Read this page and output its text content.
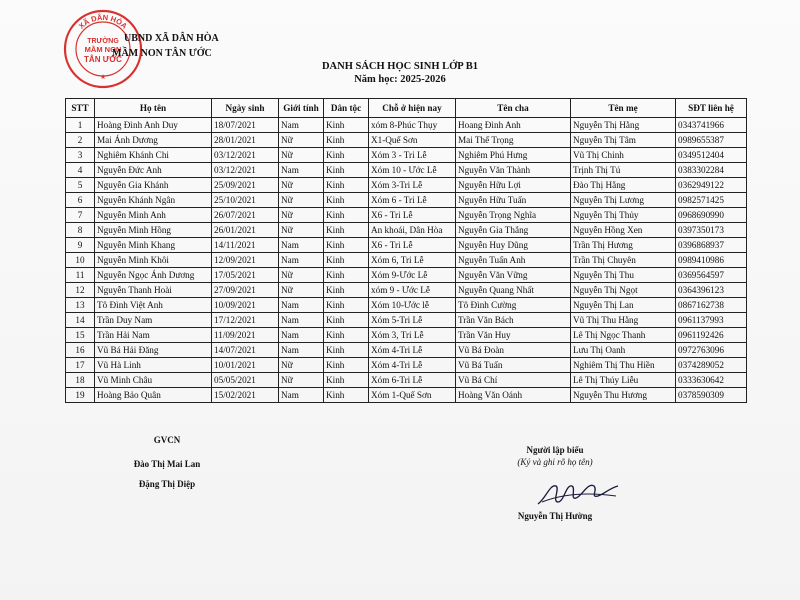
XÃ DÂN HÒA
TRƯỜNG
MẦM NON
TÂN ƯỚC
★
UBND XÃ DÂN HÒA
MẦM NON TÂN ƯỚC
DANH SÁCH HỌC SINH LỚP B1
Năm học: 2025-2026
STT	Họ tên	Ngày sinh	Giới tính	Dân tộc	Chỗ ở hiện nay	Tên cha	Tên mẹ	SĐT liên hệ
1	Hoàng Đình Anh Duy	18/07/2021	Nam	Kinh	xóm 8-Phúc Thụy	Hoang Đình Anh	Nguyễn Thị Hằng	0343741966
2	Mai Ánh Dương	28/01/2021	Nữ	Kinh	X1-Quế Sơn	Mai Thế Trọng	Nguyễn Thị Tâm	0989655387
3	Nghiêm Khánh Chi	03/12/2021	Nữ	Kinh	Xóm 3 - Tri Lễ	Nghiêm Phú Hưng	Vũ Thị Chinh	0349512404
4	Nguyễn Đức Anh	03/12/2021	Nam	Kinh	Xóm 10 - Ước Lễ	Nguyễn Văn Thành	Trịnh Thị Tú	0383302284
5	Nguyễn Gia Khánh	25/09/2021	Nữ	Kinh	Xóm 3-Tri Lễ	Nguyễn Hữu Lợi	Đào Thị Hằng	0362949122
6	Nguyễn Khánh Ngân	25/10/2021	Nữ	Kinh	Xóm 6 - Tri Lễ	Nguyễn Hữu Tuấn	Nguyễn Thị Lương	0982571425
7	Nguyễn Minh Anh	26/07/2021	Nữ	Kinh	X6 - Tri Lễ	Nguyễn Trọng Nghĩa	Nguyễn Thị Thủy	0968690990
8	Nguyễn Minh Hồng	26/01/2021	Nữ	Kinh	An khoái, Dân Hòa	Nguyễn Gia Thắng	Nguyễn Hồng Xen	0397350173
9	Nguyễn Minh Khang	14/11/2021	Nam	Kinh	X6 - Tri Lễ	Nguyễn Huy Dũng	Trần Thị Hương	0396868937
10	Nguyễn Minh Khôi	12/09/2021	Nam	Kinh	Xóm 6, Tri Lễ	Nguyễn Tuấn Anh	Trần Thị Chuyên	0989410986
11	Nguyễn Ngọc Ánh Dương	17/05/2021	Nữ	Kinh	Xóm 9-Ước Lễ	Nguyễn Văn Vững	Nguyễn Thị Thu	0369564597
12	Nguyễn Thanh Hoài	27/09/2021	Nữ	Kinh	xóm 9 - Ước Lễ	Nguyễn Quang Nhất	Nguyễn Thị Ngọt	0364396123
13	Tô Đình Việt Anh	10/09/2021	Nam	Kinh	Xóm 10-Ước lễ	Tô Đình Cường	Nguyễn Thị Lan	0867162738
14	Trần Duy Nam	17/12/2021	Nam	Kinh	Xóm 5-Tri Lễ	Trần Văn Bách	Vũ Thị Thu Hằng	0961137993
15	Trần Hải Nam	11/09/2021	Nam	Kinh	Xóm 3, Tri Lễ	Trần Văn Huy	Lê Thị Ngọc Thanh	0961192426
16	Vũ Bá Hải Đăng	14/07/2021	Nam	Kinh	Xóm 4-Tri Lễ	Vũ Bá Đoàn	Lưu Thị Oanh	0972763096
17	Vũ Hà Linh	10/01/2021	Nữ	Kinh	Xóm 4-Tri Lễ	Vũ Bá Tuấn	Nghiêm Thị Thu Hiền	0374289052
18	Vũ Minh Châu	05/05/2021	Nữ	Kinh	Xóm 6-Tri Lễ	Vũ Bá Chí	Lê Thị Thúy Liễu	0333630642
19	Hoàng Bảo Quân	15/02/2021	Nam	Kinh	Xóm 1-Quế Sơn	Hoàng Văn Oánh	Nguyễn Thu Hương	0378590309
GVCN
Đào Thị Mai Lan
Đặng Thị Diệp
Người lập biểu
(Ký và ghi rõ họ tên)
Nguyễn Thị Hường
